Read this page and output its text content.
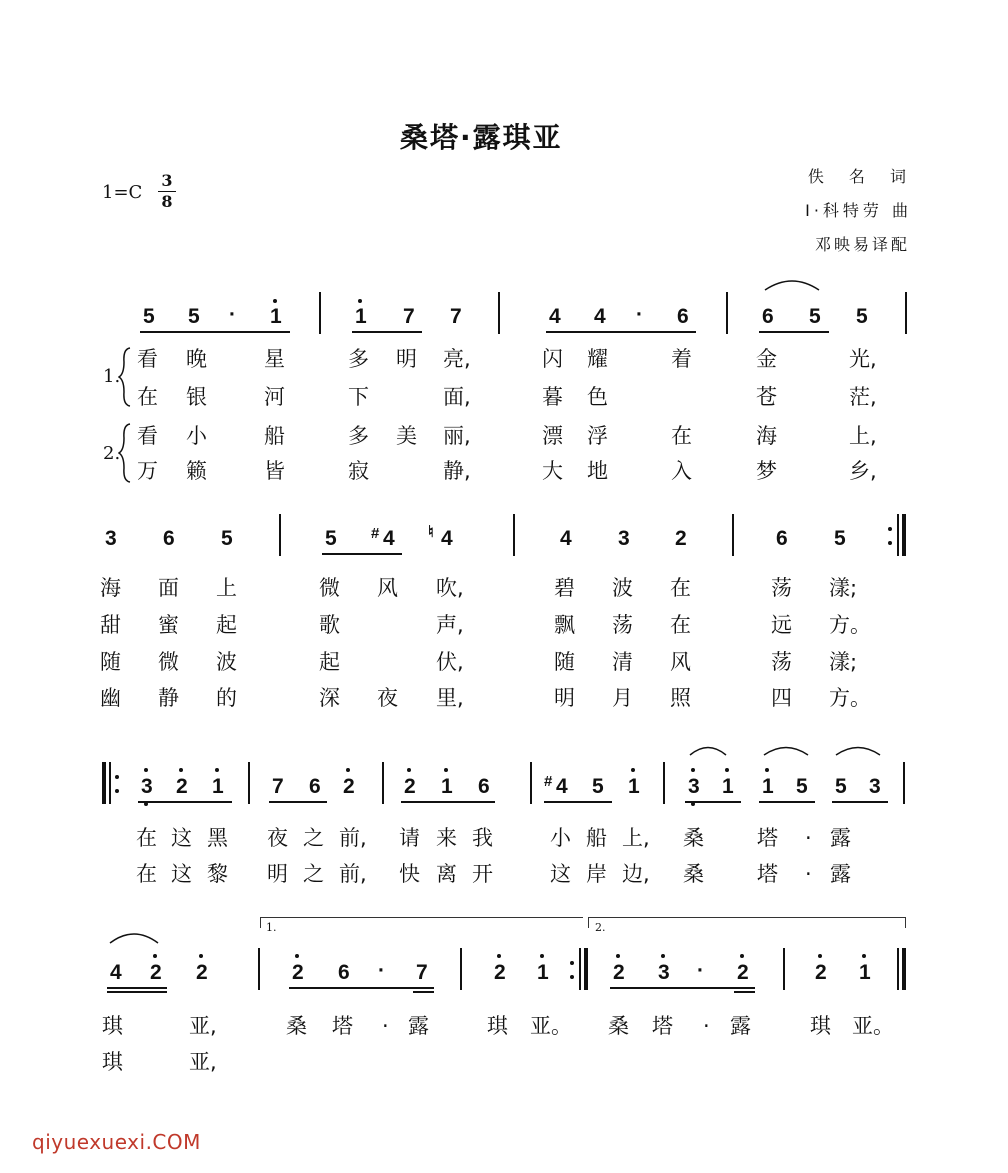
桑塔·露琪亚
1=C
3
8
佚 名 词
I·科特劳 曲
邓映易译配
5 5 · 1	1 7 7	4 4 · 6	6 5 5
1.
2.
看 晚	星	多 明 亮,	闪 耀	着	金	光,
在 银	河	下	面,	暮 色	苍	茫,
看 小	船	多 美 丽,	漂 浮	在	海	上,
万 籁	皆	寂	静,	大 地	入	梦	乡,
3 6 5	5 # 4 ♮ 4	4 3 2	6 5
海 面 上	微 风 吹,	碧 波 在	荡 漾;
甜 蜜 起	歌	声,	飘 荡 在	远 方。
随 微 波	起	伏,	随 清 风	荡 漾;
幽 静 的	深 夜 里,	明 月 照	四 方。
3 2 1 7 6 2 2 1 6	# 4 5 1 3 1 1 5 5 3
在 这 黑 夜 之 前, 请 来 我	小 船 上, 桑	塔 · 露
在 这 黎 明 之 前, 快 离 开	这 岸 边, 桑	塔 · 露
1.	2.
4 2 2	2 6 · 7	2 1	2 3 · 2	2 1
琪	亚,	桑 塔 · 露	琪 亚。 桑 塔 · 露	琪 亚。
琪	亚,
qiyuexuexi.COM
